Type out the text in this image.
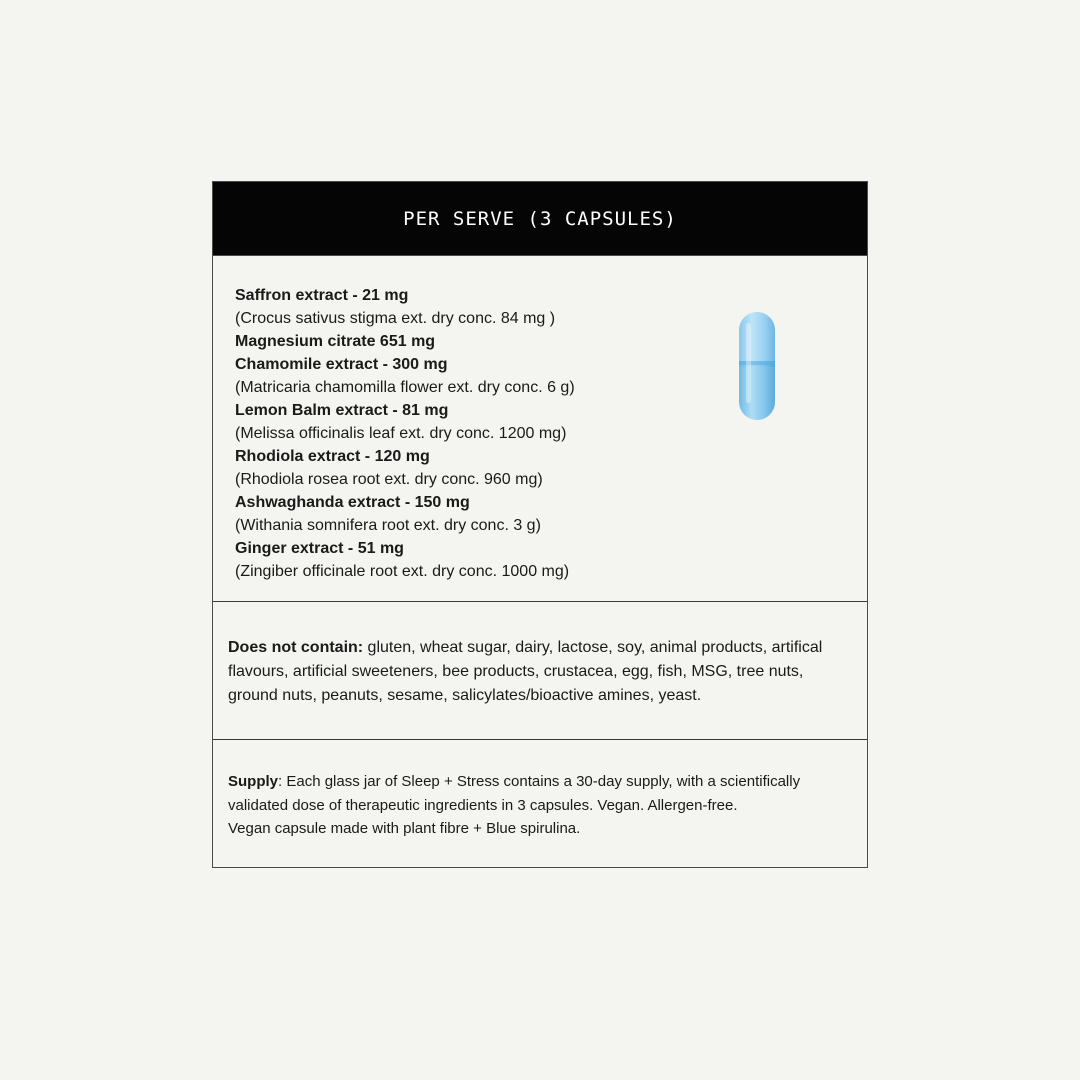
PER SERVE (3 CAPSULES)
Saffron extract - 21 mg
(Crocus sativus stigma ext. dry conc. 84 mg )
Magnesium citrate 651 mg
Chamomile extract - 300 mg
(Matricaria chamomilla flower ext. dry conc. 6 g)
Lemon Balm extract - 81 mg
(Melissa officinalis leaf ext. dry conc. 1200 mg)
Rhodiola extract - 120 mg
(Rhodiola rosea root ext. dry conc. 960 mg)
Ashwaghanda extract - 150 mg
(Withania somnifera root ext. dry conc. 3 g)
Ginger extract - 51 mg
(Zingiber officinale root ext. dry conc. 1000 mg)
Does not contain: gluten, wheat sugar, dairy, lactose, soy, animal products, artifical flavours, artificial sweeteners, bee products, crustacea, egg, fish, MSG, tree nuts, ground nuts, peanuts, sesame, salicylates/bioactive amines, yeast.
Supply: Each glass jar of Sleep + Stress contains a 30-day supply, with a scientifically validated dose of therapeutic ingredients in 3 capsules. Vegan. Allergen-free.
Vegan capsule made with plant fibre + Blue spirulina.
